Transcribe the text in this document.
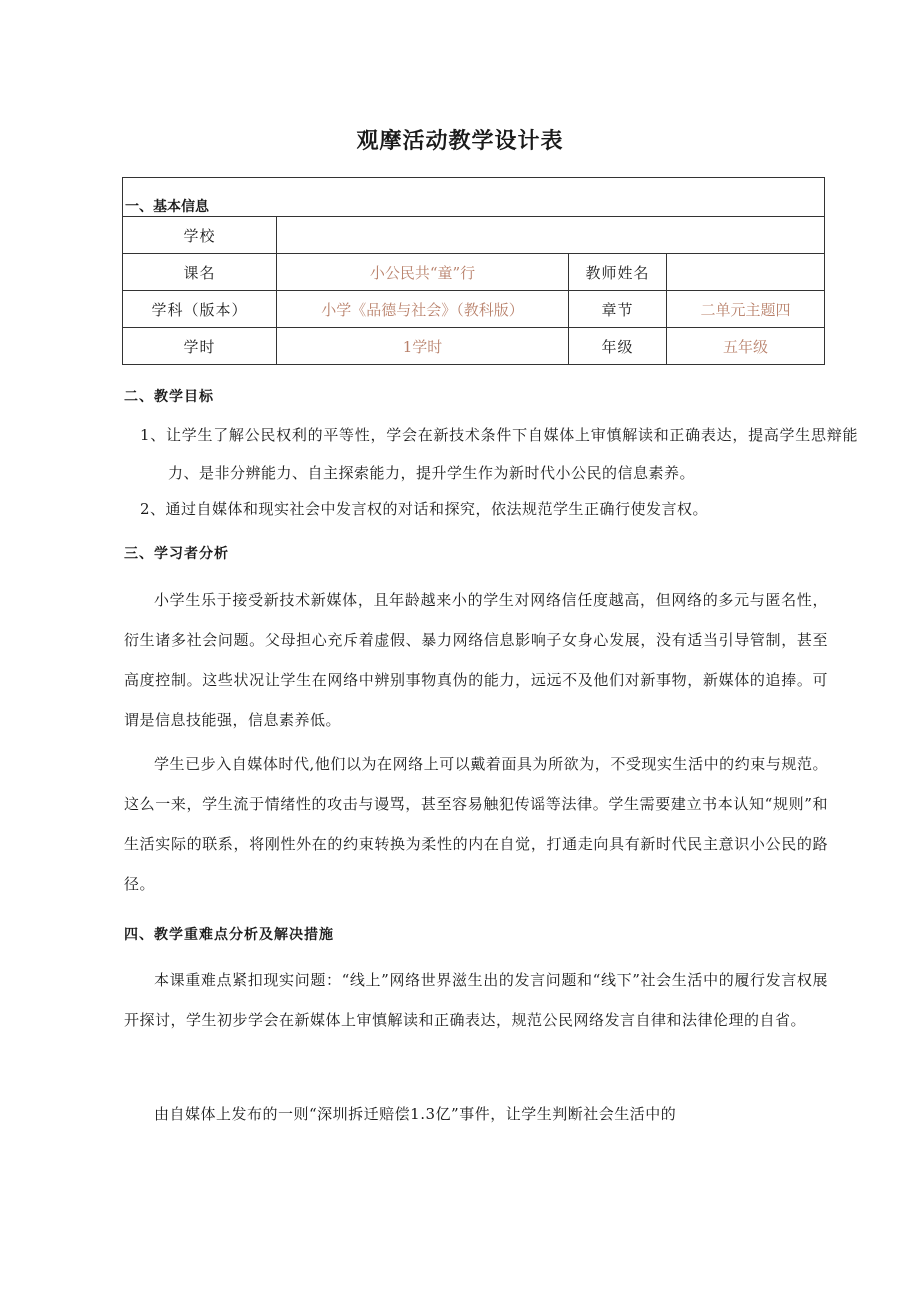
观摩活动教学设计表
一、基本信息			
学校			
课名	小公民共“童”行	教师姓名	
学科（版本）	小学《品德与社会》（教科版）	章节	二单元主题四
学时	1学时	年级	五年级
二、教学目标
1、让学生了解公民权利的平等性，学会在新技术条件下自媒体上审慎解读和正确表达，提高学生思辩能力、是非分辨能力、自主探索能力，提升学生作为新时代小公民的信息素养。
2、通过自媒体和现实社会中发言权的对话和探究，依法规范学生正确行使发言权。
三、学习者分析
小学生乐于接受新技术新媒体，且年龄越来小的学生对网络信任度越高，但网络的多元与匿名性，衍生诸多社会问题。父母担心充斥着虚假、暴力网络信息影响子女身心发展，没有适当引导管制，甚至高度控制。这些状况让学生在网络中辨别事物真伪的能力，远远不及他们对新事物，新媒体的追捧。可谓是信息技能强，信息素养低。
学生已步入自媒体时代,他们以为在网络上可以戴着面具为所欲为，不受现实生活中的约束与规范。这么一来，学生流于情绪性的攻击与谩骂，甚至容易触犯传谣等法律。学生需要建立书本认知“规则”和生活实际的联系，将刚性外在的约束转换为柔性的内在自觉，打通走向具有新时代民主意识小公民的路径。
四、教学重难点分析及解决措施
本课重难点紧扣现实问题：“线上”网络世界滋生出的发言问题和“线下”社会生活中的履行发言权展开探讨，学生初步学会在新媒体上审慎解读和正确表达，规范公民网络发言自律和法律伦理的自省。
由自媒体上发布的一则“深圳拆迁赔偿1.3亿”事件，让学生判断社会生活中的
